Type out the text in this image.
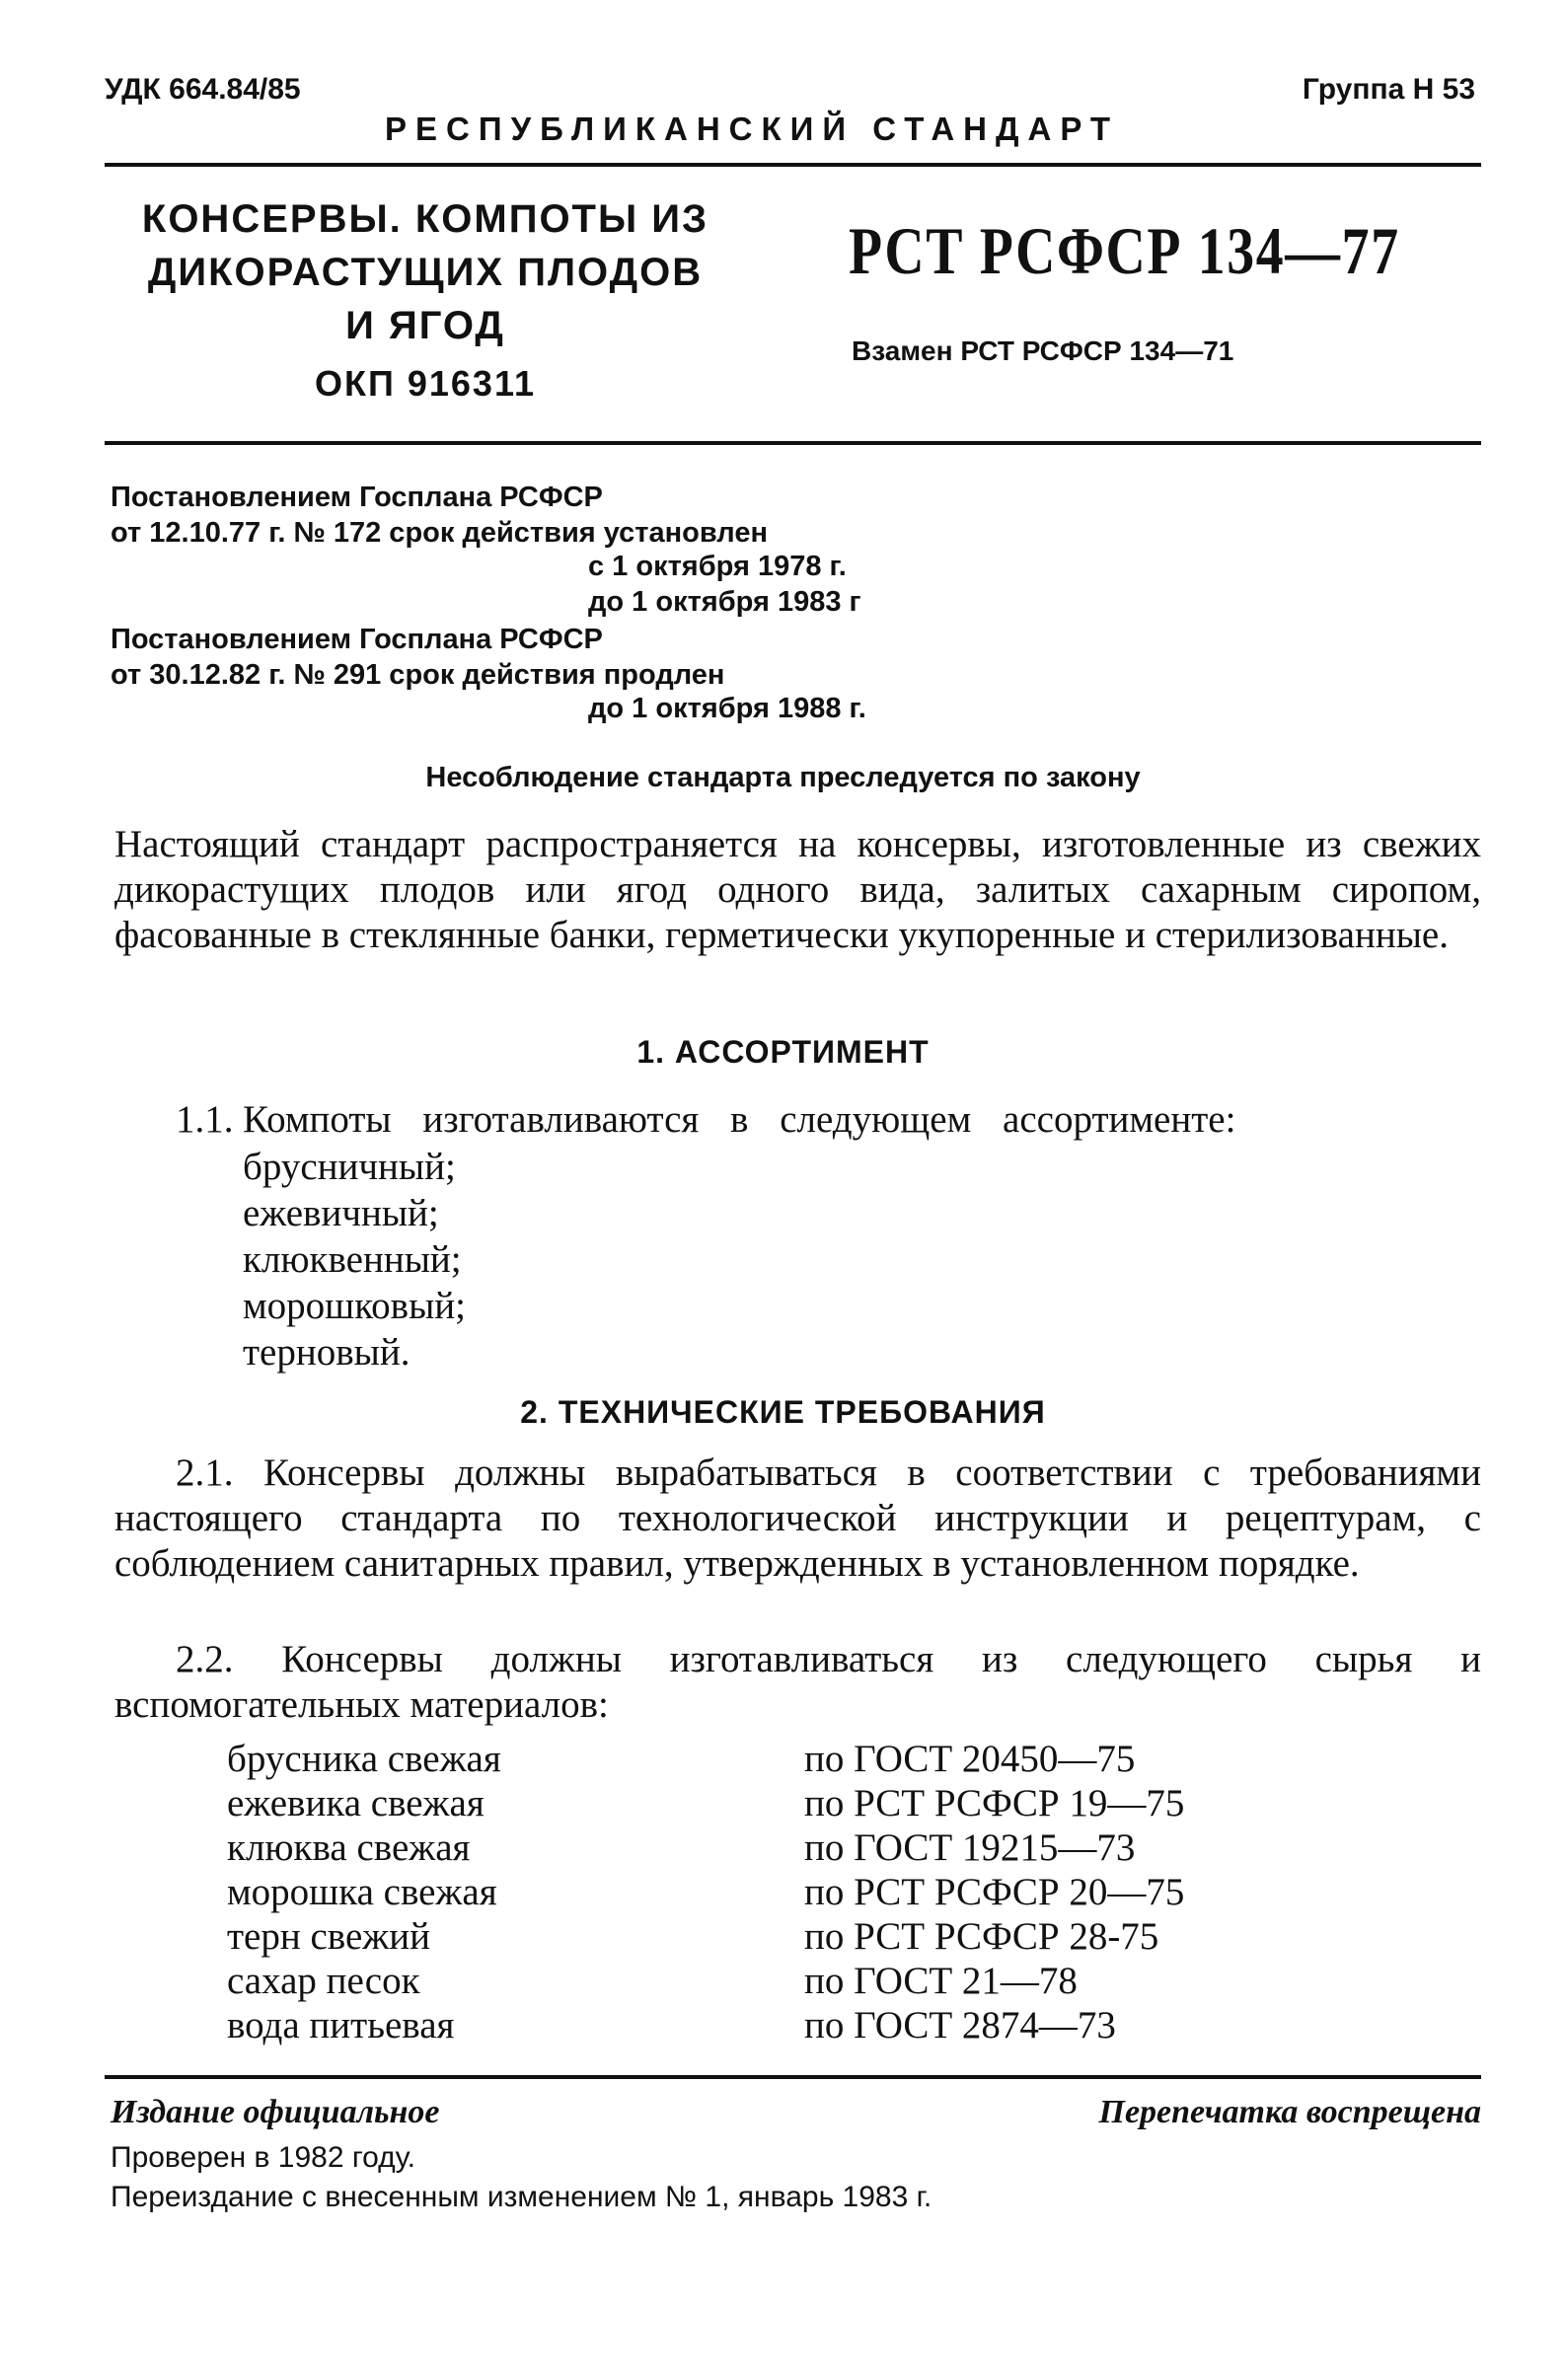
УДК 664.84/85	Группа Н 53
РЕСПУБЛИКАНСКИЙ СТАНДАРТ
КОНСЕРВЫ. КОМПОТЫ ИЗ
ДИКОРАСТУЩИХ ПЛОДОВ
И ЯГОД
ОКП 916311
РСТ РСФСР 134—77
Взамен РСТ РСФСР 134—71
Постановлением Госплана РСФСР
от 12.10.77 г. № 172 срок действия установлен
с 1 октября 1978 г.
до 1 октября 1983 г
Постановлением Госплана РСФСР
от 30.12.82 г. № 291 срок действия продлен
до 1 октября 1988 г.
Несоблюдение стандарта преследуется по закону
Настоящий стандарт распространяется на консервы, изготовленные из свежих дикорастущих плодов или ягод одного вида, залитых сахарным сиропом, фасованные в стеклянные банки, герметически укупоренные и стерилизованные.
1. АССОРТИМЕНТ
1.1. Компоты изготавливаются в следующем ассортименте:
брусничный;
ежевичный;
клюквенный;
морошковый;
терновый.
2. ТЕХНИЧЕСКИЕ ТРЕБОВАНИЯ
2.1. Консервы должны вырабатываться в соответствии с требованиями настоящего стандарта по технологической инструкции и рецептурам, с соблюдением санитарных правил, утвержденных в установленном порядке.
2.2. Консервы должны изготавливаться из следующего сырья и вспомогательных материалов:
брусника свежая	по ГОСТ 20450—75
ежевика свежая	по РСТ РСФСР 19—75
клюква свежая	по ГОСТ 19215—73
морошка свежая	по РСТ РСФСР 20—75
терн свежий	по РСТ РСФСР 28-75
сахар песок	по ГОСТ 21—78
вода питьевая	по ГОСТ 2874—73
Издание официальное	Перепечатка воспрещена
Проверен в 1982 году.
Переиздание с внесенным изменением № 1, январь 1983 г.
